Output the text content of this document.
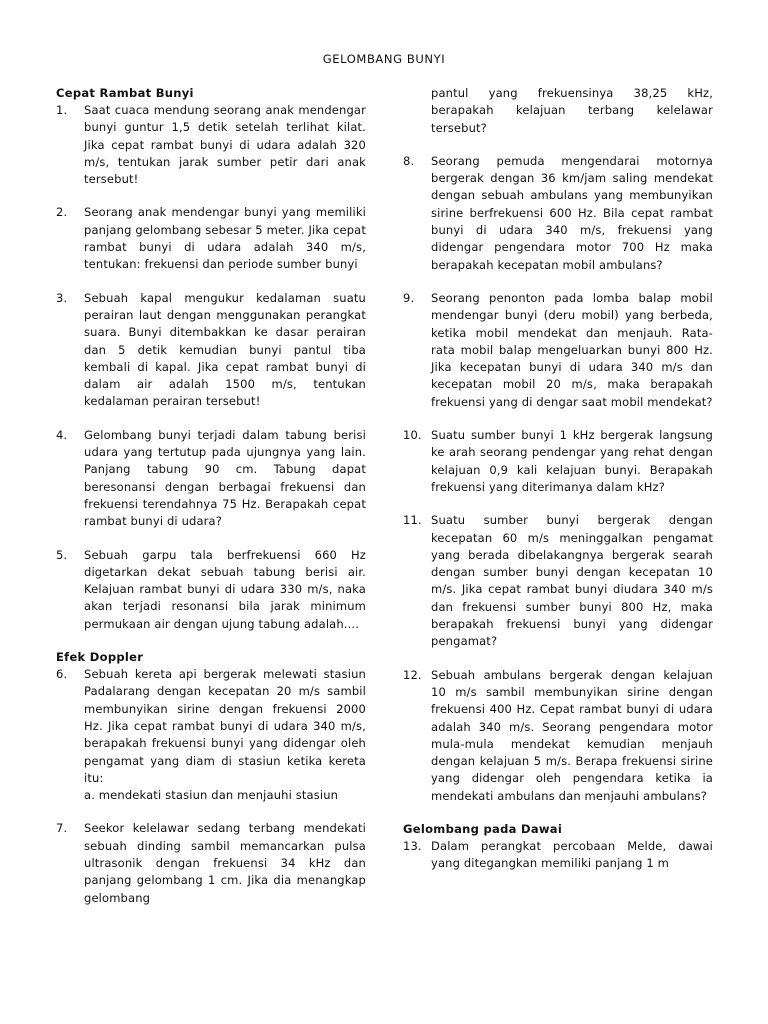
GELOMBANG BUNYI

Cepat Rambat Bunyi

1.	Saat cuaca mendung seorang anak mendengar bunyi guntur 1,5 detik setelah terlihat kilat. Jika cepat rambat bunyi di udara adalah 320 m/s, tentukan jarak sumber petir dari anak tersebut!
2.	Seorang anak mendengar bunyi yang memiliki panjang gelombang sebesar 5 meter. Jika cepat rambat bunyi di udara adalah 340 m/s, tentukan: frekuensi dan periode sumber bunyi
3.	Sebuah kapal mengukur kedalaman suatu perairan laut dengan menggunakan perangkat suara. Bunyi ditembakkan ke dasar perairan dan 5 detik kemudian bunyi pantul tiba kembali di kapal. Jika cepat rambat bunyi di dalam air adalah 1500 m/s, tentukan kedalaman perairan tersebut!
4.	Gelombang bunyi terjadi dalam tabung berisi udara yang tertutup pada ujungnya yang lain. Panjang tabung 90 cm. Tabung dapat beresonansi dengan berbagai frekuensi dan frekuensi terendahnya 75 Hz. Berapakah cepat rambat bunyi di udara?
5.	Sebuah garpu tala berfrekuensi 660 Hz digetarkan dekat sebuah tabung berisi air. Kelajuan rambat bunyi di udara 330 m/s, naka akan terjadi resonansi bila jarak minimum permukaan air dengan ujung tabung adalah....

Efek Doppler

6.	Sebuah kereta api bergerak melewati stasiun Padalarang dengan kecepatan 20 m/s sambil membunyikan sirine dengan frekuensi 2000 Hz. Jika cepat rambat bunyi di udara 340 m/s, berapakah frekuensi bunyi yang didengar oleh pengamat yang diam di stasiun ketika kereta itu:
a. mendekati stasiun dan menjauhi stasiun
7.	Seekor kelelawar sedang terbang mendekati sebuah dinding sambil memancarkan pulsa ultrasonik dengan frekuensi 34 kHz dan panjang gelombang 1 cm. Jika dia menangkap gelombang
pantul yang frekuensinya 38,25 kHz, berapakah kelajuan terbang kelelawar tersebut?
8.	Seorang pemuda mengendarai motornya bergerak dengan 36 km/jam saling mendekat dengan sebuah ambulans yang membunyikan sirine berfrekuensi 600 Hz. Bila cepat rambat bunyi di udara 340 m/s, frekuensi yang didengar pengendara motor 700 Hz maka berapakah kecepatan mobil ambulans?
9.	Seorang penonton pada lomba balap mobil mendengar bunyi (deru mobil) yang berbeda, ketika mobil mendekat dan menjauh. Rata- rata mobil balap mengeluarkan bunyi 800 Hz. Jika kecepatan bunyi di udara 340 m/s dan kecepatan mobil 20 m/s, maka berapakah frekuensi yang di dengar saat mobil mendekat?
10. Suatu sumber bunyi 1 kHz bergerak langsung ke arah seorang pendengar yang rehat dengan kelajuan 0,9 kali kelajuan bunyi. Berapakah frekuensi yang diterimanya dalam kHz?
11. Suatu sumber bunyi bergerak dengan kecepatan 60 m/s meninggalkan pengamat yang berada dibelakangnya bergerak searah dengan sumber bunyi dengan kecepatan 10 m/s. Jika cepat rambat bunyi diudara 340 m/s dan frekuensi sumber bunyi 800 Hz, maka berapakah frekuensi bunyi yang didengar pengamat?
12. Sebuah ambulans bergerak dengan kelajuan 10 m/s sambil membunyikan sirine dengan frekuensi 400 Hz. Cepat rambat bunyi di udara adalah 340 m/s. Seorang pengendara motor mula-mula mendekat kemudian menjauh dengan kelajuan 5 m/s. Berapa frekuensi sirine yang didengar oleh pengendara ketika ia mendekati ambulans dan menjauhi ambulans?

Gelombang pada Dawai

13. Dalam perangkat percobaan Melde, dawai yang ditegangkan memiliki panjang 1 m
